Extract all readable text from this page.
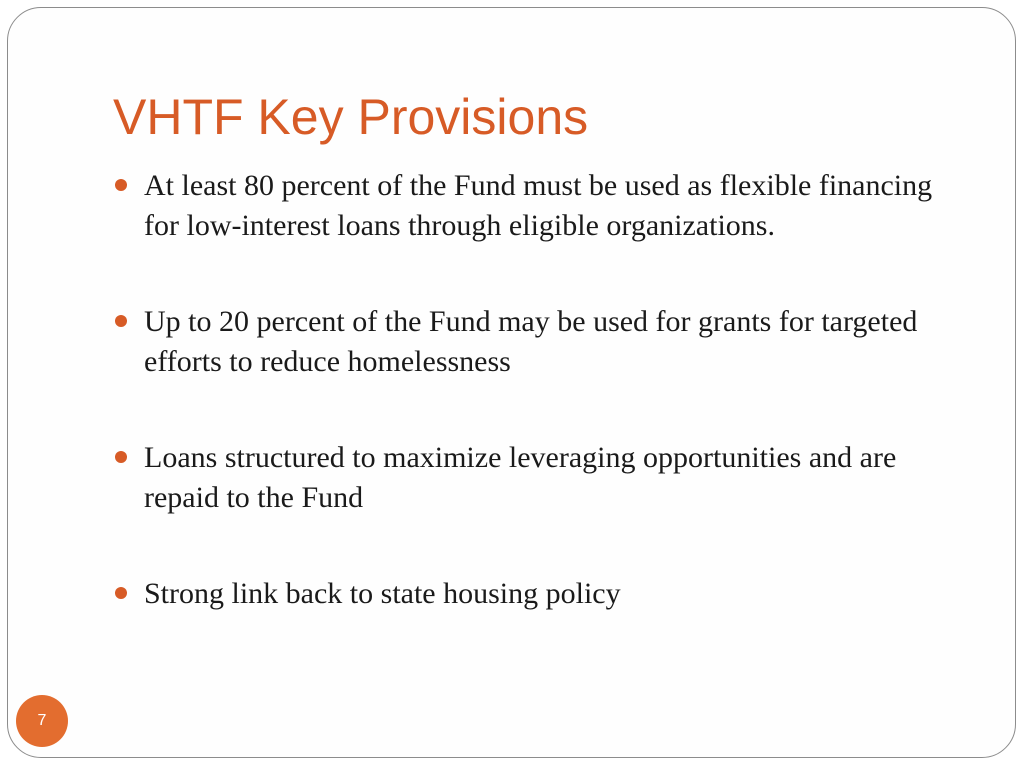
VHTF Key Provisions
At least 80 percent of the Fund must be used as flexible financing for low-interest loans through eligible organizations.
Up to 20 percent of the Fund may be used for grants for targeted efforts to reduce homelessness
Loans structured to maximize leveraging opportunities and are repaid to the Fund
Strong link back to state housing policy
7
